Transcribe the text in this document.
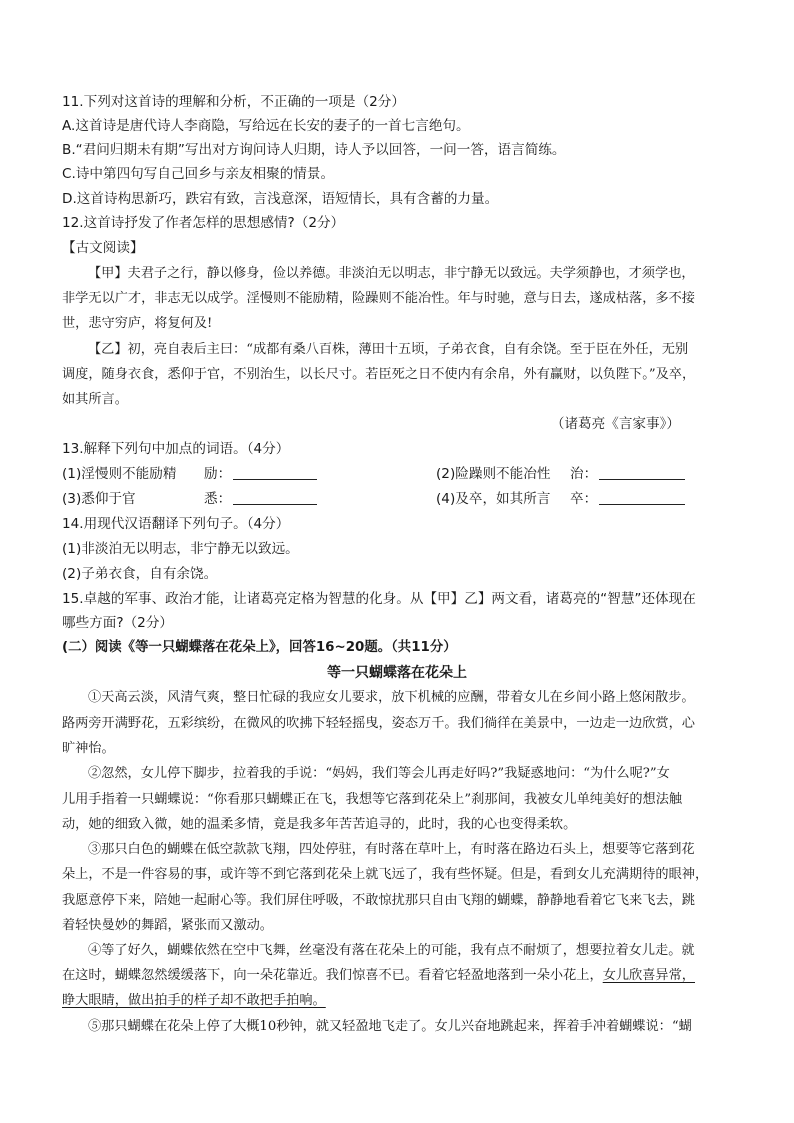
11.下列对这首诗的理解和分析，不正确的一项是（2分）
A.这首诗是唐代诗人李商隐，写给远在长安的妻子的一首七言绝句。
B.“君问归期未有期”写出对方询问诗人归期，诗人予以回答，一问一答，语言简练。
C.诗中第四句写自己回乡与亲友相聚的情景。
D.这首诗构思新巧，跌宕有致，言浅意深，语短情长，具有含蓄的力量。
12.这首诗抒发了作者怎样的思想感情?（2分）
【古文阅读】
【甲】夫君子之行，静以修身，俭以养德。非淡泊无以明志，非宁静无以致远。夫学须静也，才须学也，
非学无以广才，非志无以成学。淫慢则不能励精，险躁则不能冶性。年与时驰，意与日去，遂成枯落，多不接
世，悲守穷庐，将复何及!
【乙】初，亮自表后主曰：“成都有桑八百株，薄田十五顷，子弟衣食，自有余饶。至于臣在外任，无别
调度，随身衣食，悉仰于官，不别治生，以长尺寸。若臣死之日不使内有余帛，外有赢财，以负陛下。”及卒，
如其所言。
（诸葛亮《言家事》）
13.解释下列句中加点的词语。（4分）
(1)淫慢则不能励精 励：	(2)险躁则不能冶性 治：
(3)悉仰于官	悉：	(4)及卒，如其所言 卒：
14.用现代汉语翻译下列句子。（4分）
(1)非淡泊无以明志，非宁静无以致远。
(2)子弟衣食，自有余饶。
15.卓越的军事、政治才能，让诸葛亮定格为智慧的化身。从【甲】乙】两文看，诸葛亮的“智慧”还体现在
哪些方面?（2分）
(二）阅读《等一只蝴蝶落在花朵上》，回答16~20题。（共11分）
等一只蝴蝶落在花朵上
①天高云淡，风清气爽，整日忙碌的我应女儿要求，放下机械的应酬，带着女儿在乡间小路上悠闲散步。
路两旁开满野花，五彩缤纷，在微风的吹拂下轻轻摇曳，姿态万千。我们徜徉在美景中，一边走一边欣赏，心
旷神怡。
②忽然，女儿停下脚步，拉着我的手说：“妈妈，我们等会儿再走好吗?”我疑惑地问：“为什么呢?”女
儿用手指着一只蝴蝶说：“你看那只蝴蝶正在飞，我想等它落到花朵上”刹那间，我被女儿单纯美好的想法触
动，她的细致入微，她的温柔多情，竟是我多年苦苦追寻的，此时，我的心也变得柔软。
③那只白色的蝴蝶在低空款款飞翔，四处停驻，有时落在草叶上，有时落在路边石头上，想要等它落到花
朵上，不是一件容易的事，或许等不到它落到花朵上就飞远了，我有些怀疑。但是，看到女儿充满期待的眼神，
我愿意停下来，陪她一起耐心等。我们屏住呼吸，不敢惊扰那只自由飞翔的蝴蝶，静静地看着它飞来飞去，跳
着轻快曼妙的舞蹈，紧张而又激动。
④等了好久，蝴蝶依然在空中飞舞，丝毫没有落在花朵上的可能，我有点不耐烦了，想要拉着女儿走。就
在这时，蝴蝶忽然缓缓落下，向一朵花靠近。我们惊喜不已。看着它轻盈地落到一朵小花上，女儿欣喜异常，
睁大眼睛，做出拍手的样子却不敢把手拍响。
⑤那只蝴蝶在花朵上停了大概10秒钟，就又轻盈地飞走了。女儿兴奋地跳起来，挥着手冲着蝴蝶说：“蝴
